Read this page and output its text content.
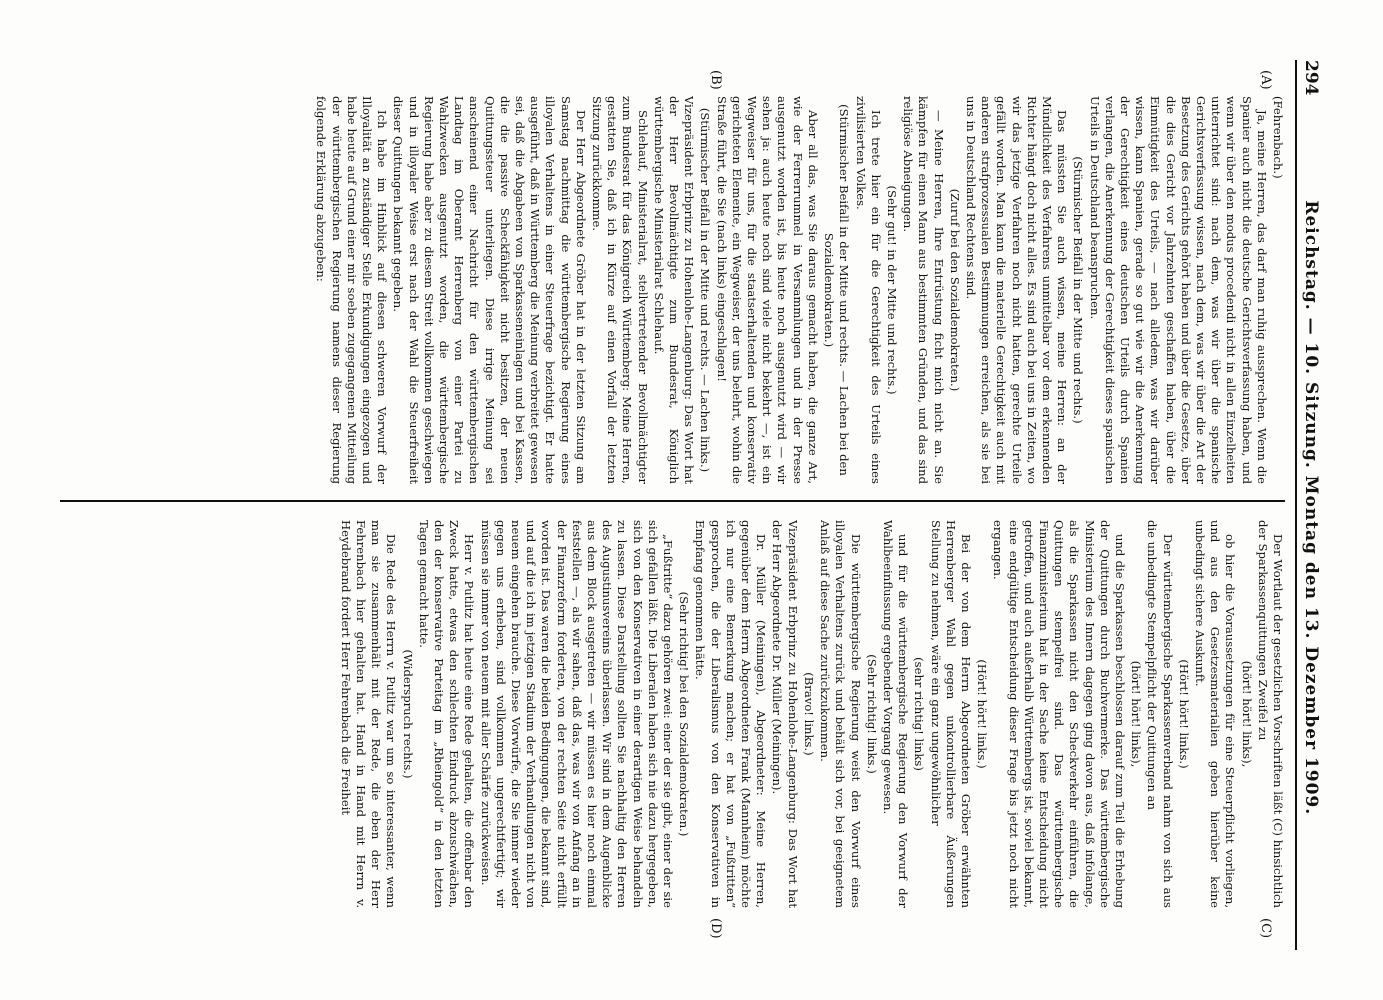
294
Reichstag. — 10. Sitzung. Montag den 13. Dezember 1909.
(A)
(B)
(C)
(D)

(Fehrenbach.)

Ja, meine Herren, das darf man ruhig aussprechen. Wenn die Spanier auch nicht die deutsche Gerichtsverfassung haben, und wenn wir über den modus procedendi nicht in allen Einzelheiten unterrichtet sind: nach dem, was wir über die spanische Gerichtsverfassung wissen, nach dem, was wir über die Art der Besetzung des Gerichts gehört haben und über die Gesetze, über die dies Gericht vor Jahrzehnten geschaffen haben, über die Einmütigkeit des Urteils, — nach alledem, was wir darüber wissen, kann Spanien, gerade so gut wie wir die Anerkennung der Gerechtigkeit eines deutschen Urteils durch Spanien verlangen, die Anerkennung der Gerechtigkeit dieses spanischen Urteils in Deutschland beanspruchen.

(Stürmischer Beifall in der Mitte und rechts.)

Das müssten Sie auch wissen, meine Herren: an der Mündlichkeit des Verfahrens unmittelbar vor dem erkennenden Richter hängt doch nicht alles. Es sind auch bei uns in Zeiten, wo wir das jetzige Verfahren noch nicht hatten, gerechte Urteile gefällt worden. Man kann die materielle Gerechtigkeit auch mit anderen strafprozessualen Bestimmungen erreichen, als sie bei uns in Deutschland Rechtens sind.

(Zuruf bei den Sozialdemokraten.)

— Meine Herren, Ihre Entrüstung ficht mich nicht an. Sie kämpfen für einen Mann aus bestimmten Gründen, und das sind religiöse Abneigungen.

(Sehr gut! in der Mitte und rechts.)

Ich trete hier ein für die Gerechtigkeit des Urteils eines zivilisierten Volkes.

(Stürmischer Beifall in der Mitte und rechts. — Lachen bei den Sozialdemokraten.)

Aber all das, was Sie daraus gemacht haben, die ganze Art, wie der Ferrerrummel in Versammlungen und in der Presse ausgenutzt worden ist, bis heute noch ausgenutzt wird — wir sehen ja: auch heute noch sind viele nicht bekehrt —, ist ein Wegweiser für uns, für die staatserhaltenden und konservativ gerichteten Elemente, ein Wegweiser, der uns belehrt, wohin die Straße führt, die Sie (nach links) eingeschlagen!

(Stürmischer Beifall in der Mitte und rechts. — Lachen links.)

Vizepräsident Erbprinz zu Hohenlohe-Langenburg: Das Wort hat der Herr Bevollmächtigte zum Bundesrat, Königlich württembergische Ministerialrat Schlehauf.

Schlehauf, Ministerialrat, stellvertretender Bevollmächtigter zum Bundesrat für das Königreich Württemberg: Meine Herren, gestatten Sie, daß ich in Kürze auf einen Vorfall der letzten Sitzung zurückkomme.

Der Herr Abgeordnete Gröber hat in der letzten Sitzung am Samstag nachmittag die württembergische Regierung eines illoyalen Verhaltens in einer Steuerfrage bezichtigt. Er hatte ausgeführt, daß in Württemberg die Meinung verbreitet gewesen sei, daß die Abgabeen von Sparkasseneinlagen und bei Kassen, die die passive Scheckfähigkeit nicht besitzen, der neuen Quittungssteuer unterliegen. Diese irrige Meinung sei anscheinend einer Nachricht für den württembergischen Landtag im Oberamt Herrenberg von einer Partei zu Wahlzwecken ausgenutzt worden, die württembergische Regierung habe aber zu diesem Streit vollkommen geschwiegen und in illoyaler Weise erst nach der Wahl die Steuerfreiheit dieser Quittungen bekannt gegeben.

Ich habe im Hinblick auf diesen schweren Vorwurf der Illoyalität an zuständiger Stelle Erkundigungen eingezogen und habe heute auf Grund einer mir soeben zugegangenen Mitteilung der württembergischen Regierung namens dieser Regierung folgende Erklärung abzugeben:

Der Wortlaut der gesetzlichen Vorschriften läßt (C) hinsichtlich der Sparkassenquittungen Zweifel zu

(hört! hört! links),

ob hier die Voraussetzungen für eine Steuerpflicht vorliegen, und aus den Gesetzesmaterialien geben hierüber keine unbedingt sichere Auskunft.

(Hört! hört! links.)

Der württembergische Sparkassenverband nahm von sich aus die unbedingte Stempelpflicht der Quittungen an

(hört! hört! links),

und die Sparkassen beschlossen darauf zum Teil die Erhebung der Quittungen durch Buchvermerke. Das württembergische Ministerium des Innern dagegen ging davon aus, daß infolange, als die Sparkassen nicht den Scheckverkehr einführen, die Quittungen stempelfrei sind. Das württembergische Finanzministerium hat in der Sache keine Entscheidung nicht getroffen, und auch außerhalb Württembergs ist, soviel bekannt, eine endgültige Entscheidung dieser Frage bis jetzt noch nicht ergangen.

(Hört! hört! links.)

Bei der von dem Herrn Abgeordneten Gröber erwähnten Herrenberger Wahl gegen unkontrollierbare Äußerungen Stellung zu nehmen, wäre ein ganz ungewöhnlicher

(sehr richtig! links)

und für die württembergische Regierung den Vorwurf der Wahlbeeinflussung ergebender Vorgang gewesen.

(Sehr richtig! links.)

Die württembergische Regierung weist den Vorwurf eines illoyalen Verhaltens zurück und behält sich vor, bei geeignetem Anlaß auf diese Sache zurückzukommen.

(Bravo! links.)

Vizepräsident Erbprinz zu Hohenlohe-Langenburg: Das Wort hat der Herr Abgeordnete Dr. Müller (Meiningen).

Dr. Müller (Meiningen), Abgeordneter: Meine Herren, gegenüber dem Herrn Abgeordneten Frank (Mannheim) möchte ich nur eine Bemerkung machen; er hat von „Fußtritten“ gesprochen, die der Liberalismus von den Konservativen in Empfang genommen hätte.

(Sehr richtig! bei den Sozialdemokraten.)

„Fußtritte“ dazu gehören zwei: einer der sie gibt, einer der sie sich gefallen läßt. Die Liberalen haben sich nie dazu hergegeben, sich von den Konservativen in einer derartigen Weise behandeln zu lassen. Diese Darstellung sollten Sie nachhaltig den Herren des Augustinusvereins überlassen. Wir sind in dem Augenblicke aus dem Block ausgetreten — wir müssen es hier noch einmal feststellen —, als wir sahen, daß das, was wir von Anfang an in der Finanzreform forderten, von der rechten Seite nicht erfüllt worden ist. Das waren die beiden Bedingungen, die bekannt sind, und auf die ich im jetzigen Stadium der Verhandlungen nicht von neuem eingehen brauche. Diese Vorwürfe, die Sie immer wieder gegen uns erheben, sind vollkommen ungerechtfertigt; wir müssen sie immer von neuem mit aller Schärfe zurückweisen.

Herr v. Putlitz hat heute eine Rede gehalten, die offenbar den Zweck hatte, etwas den schlechten Eindruck abzuschwächen, den der konservative Parteitag im „Rheingold“ in den letzten Tagen gemacht hatte.

(Widerspruch rechts.)

Die Rede des Herrn v. Putlitz war um so interessanter, wenn man sie zusammenhält mit der Rede, die eben der Herr Fehrenbach hier gehalten hat. Hand in Hand mit Herrn v. Heydebrand fordert Herr Fehrenbach die Freiheit
